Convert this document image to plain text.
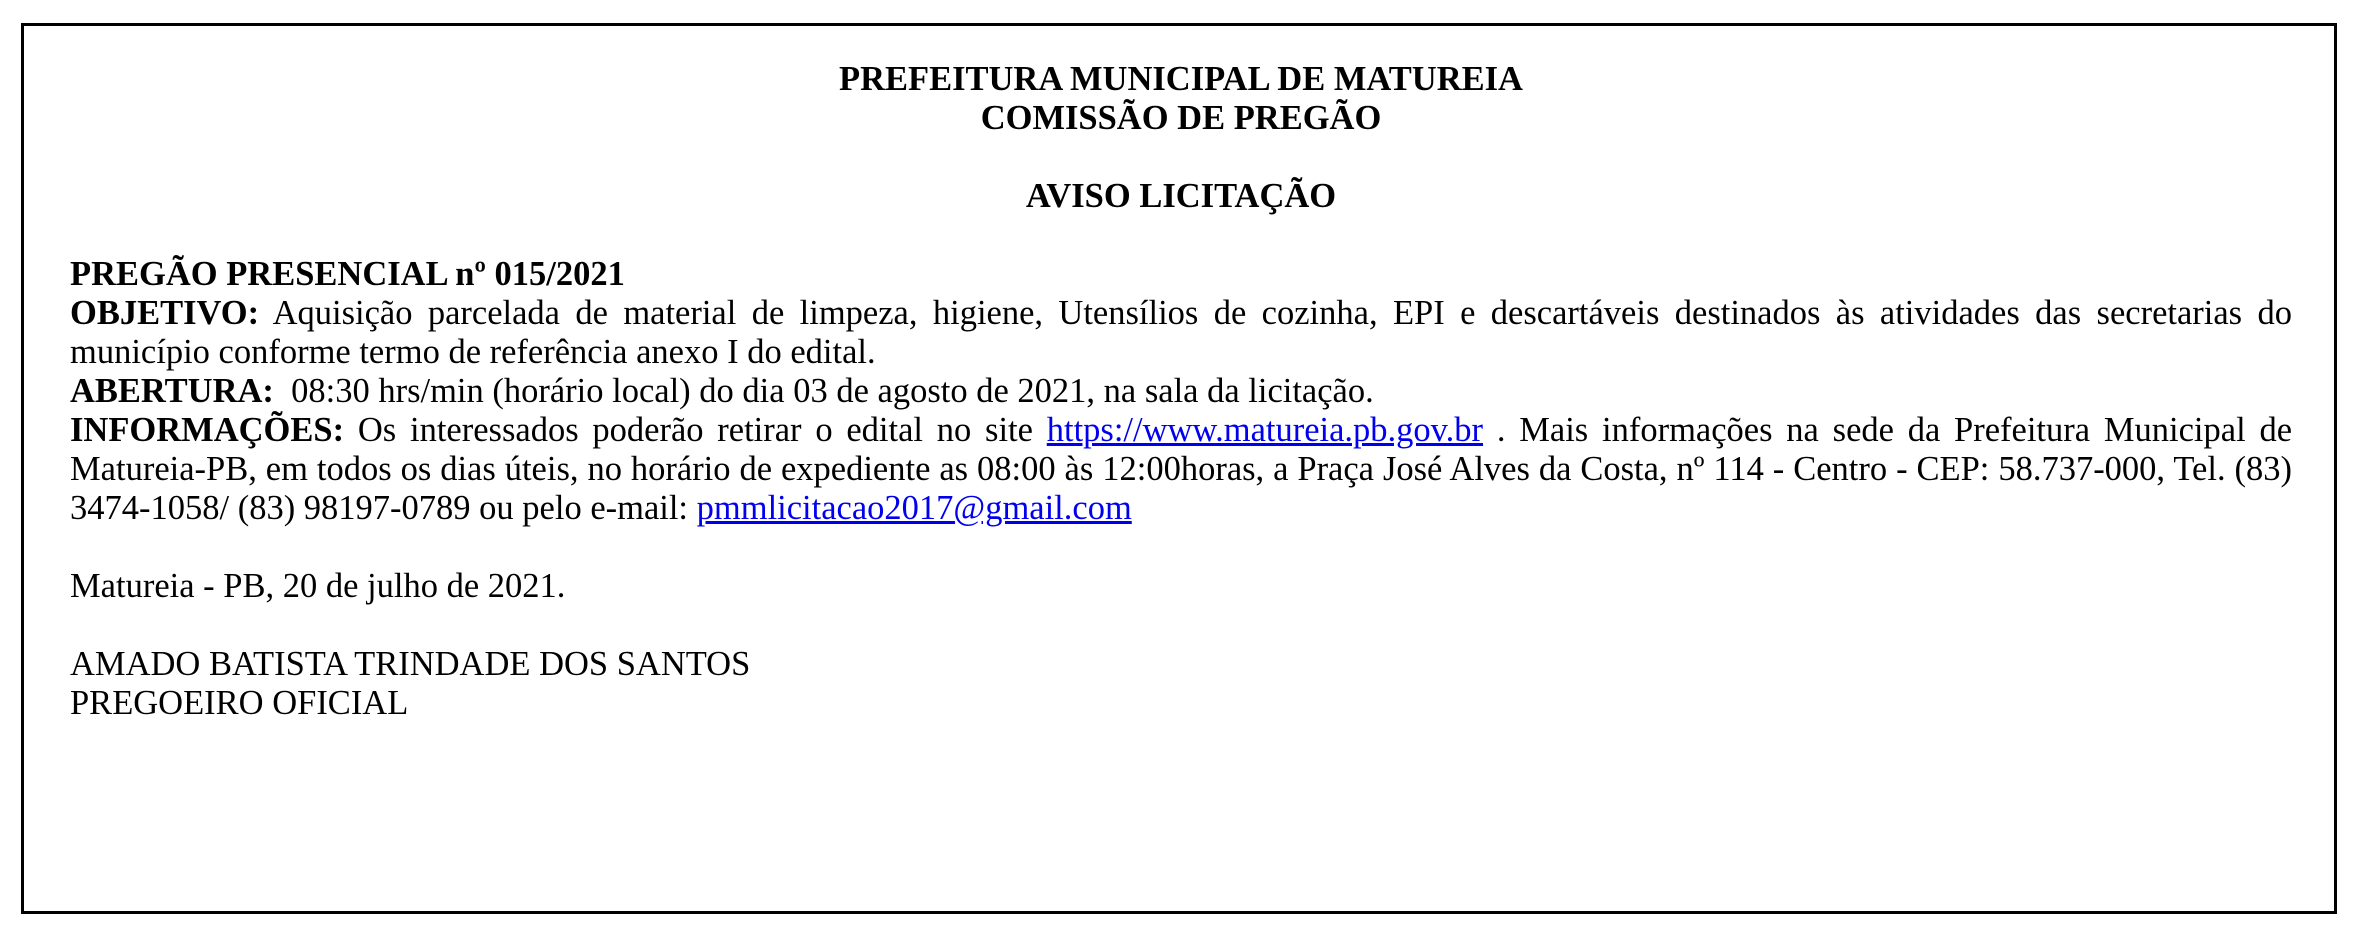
PREFEITURA MUNICIPAL DE MATUREIA
COMISSÃO DE PREGÃO
AVISO LICITAÇÃO
PREGÃO PRESENCIAL nº 015/2021

OBJETIVO: Aquisição parcelada de material de limpeza, higiene, Utensílios de cozinha, EPI e descartáveis destinados às atividades das secretarias do município conforme termo de referência anexo I do edital.

ABERTURA:  08:30 hrs/min (horário local) do dia 03 de agosto de 2021, na sala da licitação.

INFORMAÇÕES: Os interessados poderão retirar o edital no site https://www.matureia.pb.gov.br . Mais informações na sede da Prefeitura Municipal de Matureia-PB, em todos os dias úteis, no horário de expediente as 08:00 às 12:00horas, a Praça José Alves da Costa, nº 114 - Centro - CEP: 58.737-000, Tel. (83) 3474-1058/ (83) 98197-0789 ou pelo e-mail: pmmlicitacao2017@gmail.com

Matureia - PB, 20 de julho de 2021.
AMADO BATISTA TRINDADE DOS SANTOS
PREGOEIRO OFICIAL
